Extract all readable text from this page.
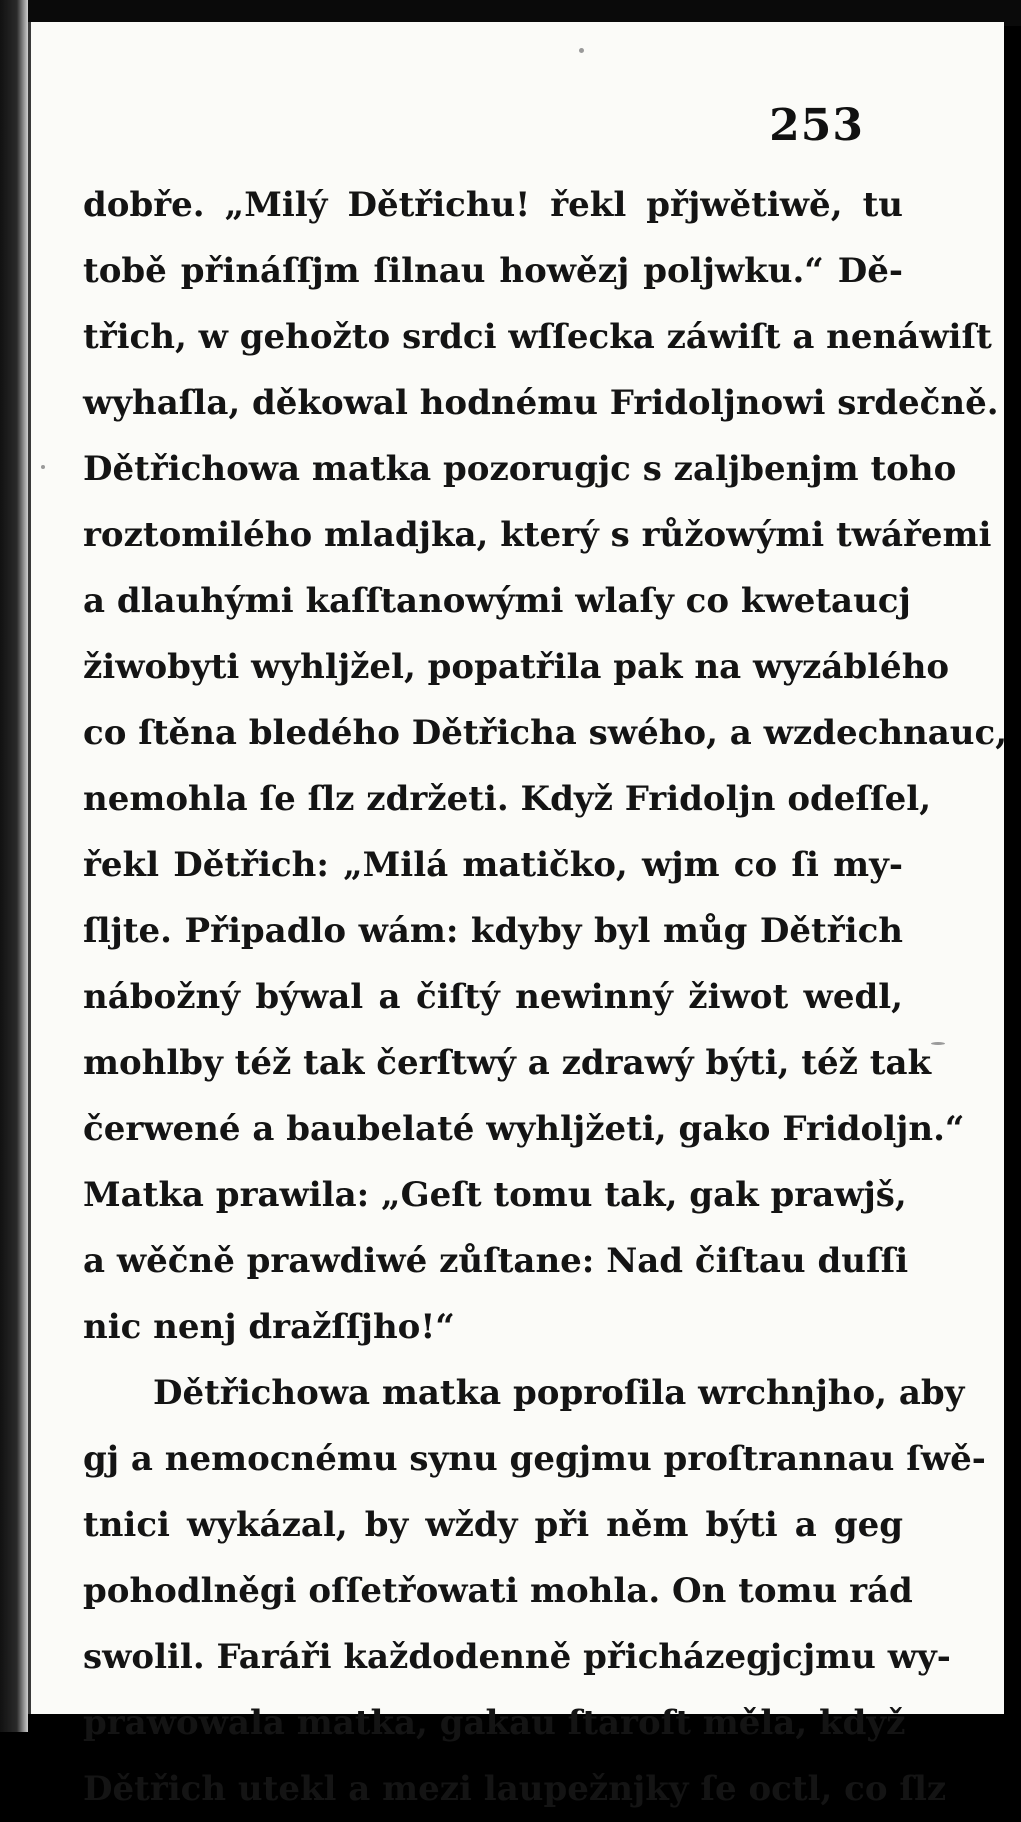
253
dobře. „Milý Dětřichu! řekl přjwětiwě, tu
tobě přináſſjm ſilnau howězj poljwku.“ Dě-
třich, w gehožto srdci wſſecka záwiſt a nenáwiſt
wyhaſla, děkowal hodnému Fridoljnowi srdečně.
Dětřichowa matka pozorugjc s zaljbenjm toho
roztomilého mladjka, který s růžowými twářemi
a dlauhými kaſſtanowými wlaſy co kwetaucj
žiwobyti wyhljžel, popatřila pak na wyzáblého
co ſtěna bledého Dětřicha swého, a wzdechnauc,
nemohla ſe ſlz zdržeti. Když Fridoljn odeſſel,
řekl Dětřich: „Milá matičko, wjm co ſi my-
ſljte. Připadlo wám: kdyby byl můg Dětřich
nábožný býwal a čiſtý newinný žiwot wedl,
mohlby též tak čerſtwý a zdrawý býti, též tak
čerwené a baubelaté wyhljžeti, gako Fridoljn.“
Matka prawila: „Geſt tomu tak, gak prawjš,
a wěčně prawdiwé zůſtane: Nad čiſtau duſſi
nic nenj dražſſjho!“
Dětřichowa matka poproſila wrchnjho, aby
gj a nemocnému synu gegjmu proſtrannau ſwě-
tnici wykázal, by wždy při něm býti a geg
pohodlněgi oſſetřowati mohla. On tomu rád
swolil. Faráři každodenně přicházegjcjmu wy-
prawowala matka, gakau ſtaroſt měla, když
Dětřich utekl a mezi laupežnjky ſe octl, co ſlz
